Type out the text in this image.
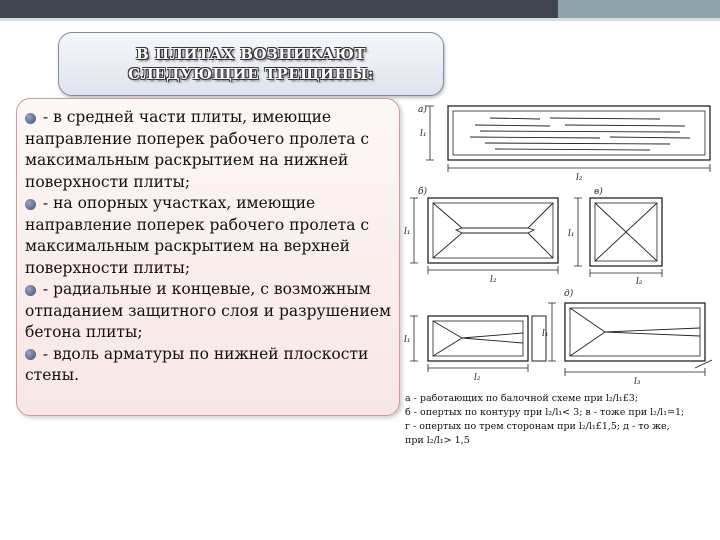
В ПЛИТАХ ВОЗНИКАЮТ
СЛЕДУЮЩИЕ ТРЕЩИНЫ:

- в средней части плиты, имеющие направление поперек рабочего пролета с максимальным раскрытием на нижней поверхности плиты;

- на опорных участках, имеющие направление поперек рабочего пролета с максимальным раскрытием на верхней поверхности плиты;

- радиальные и концевые, с возможным отпаданием защитного слоя и разрушением бетона плиты;

- вдоль арматуры по нижней плоскости стены.

а)
l₁
l₂
б)
l₁
l₂
в)
l₁
l₂
д)
l₁
l₂
l₁
l₃

а - работающих по балочной схеме при l₂/l₁£3;

б - опертых по контуру при l₂/l₁< 3; в - тоже при l₂/l₁=1;

г - опертых по трем сторонам при l₂/l₁£1,5; д - то же,

при l₂/l₁> 1,5
